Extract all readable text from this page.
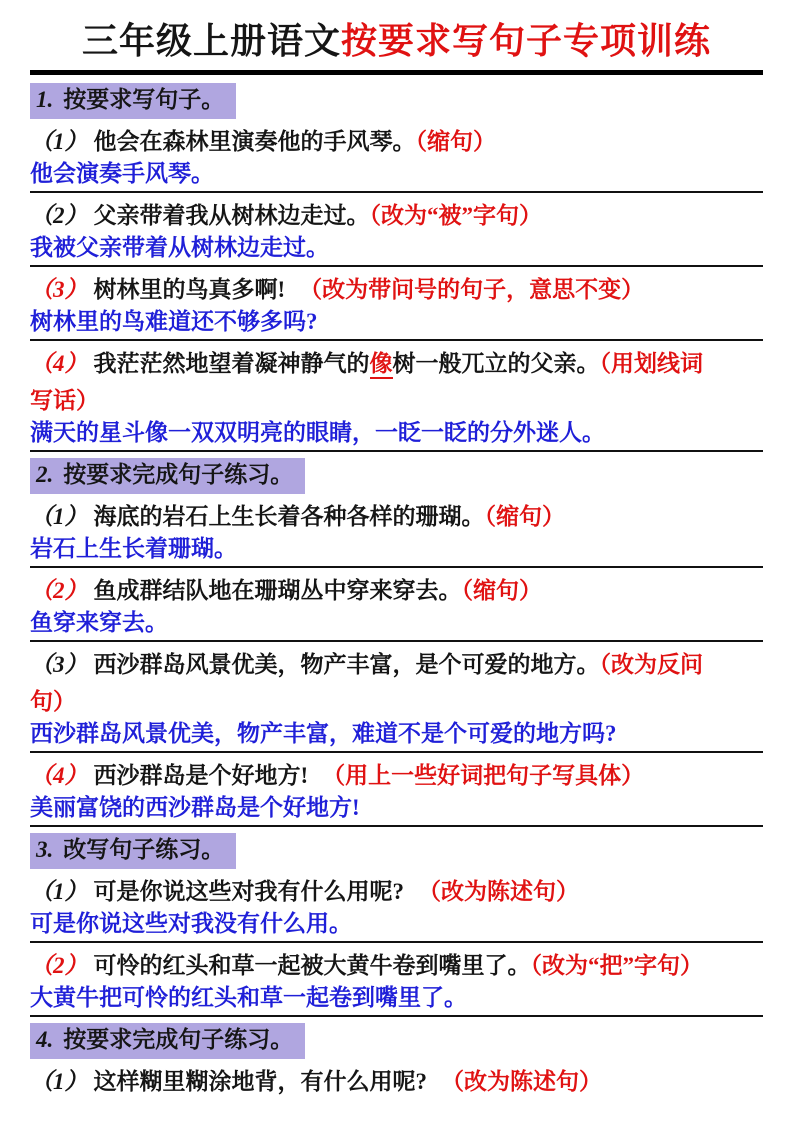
三年级上册语文按要求写句子专项训练
1. 按要求写句子。
（1） 他会在森林里演奏他的手风琴。（缩句）
他会演奏手风琴。
（2） 父亲带着我从树林边走过。（改为“被”字句）
我被父亲带着从树林边走过。
（3） 树林里的鸟真多啊! （改为带问号的句子，意思不变）
树林里的鸟难道还不够多吗?
（4） 我茫茫然地望着凝神静气的像树一般兀立的父亲。（用划线词
写话）
满天的星斗像一双双明亮的眼睛，一眨一眨的分外迷人。
2. 按要求完成句子练习。
（1） 海底的岩石上生长着各种各样的珊瑚。（缩句）
岩石上生长着珊瑚。
（2） 鱼成群结队地在珊瑚丛中穿来穿去。（缩句）
鱼穿来穿去。
（3） 西沙群岛风景优美，物产丰富，是个可爱的地方。（改为反问
句）
西沙群岛风景优美，物产丰富，难道不是个可爱的地方吗?
（4） 西沙群岛是个好地方! （用上一些好词把句子写具体）
美丽富饶的西沙群岛是个好地方!
3. 改写句子练习。
（1） 可是你说这些对我有什么用呢? （改为陈述句）
可是你说这些对我没有什么用。
（2） 可怜的红头和草一起被大黄牛卷到嘴里了。（改为“把”字句）
大黄牛把可怜的红头和草一起卷到嘴里了。
4. 按要求完成句子练习。
（1） 这样糊里糊涂地背，有什么用呢? （改为陈述句）
